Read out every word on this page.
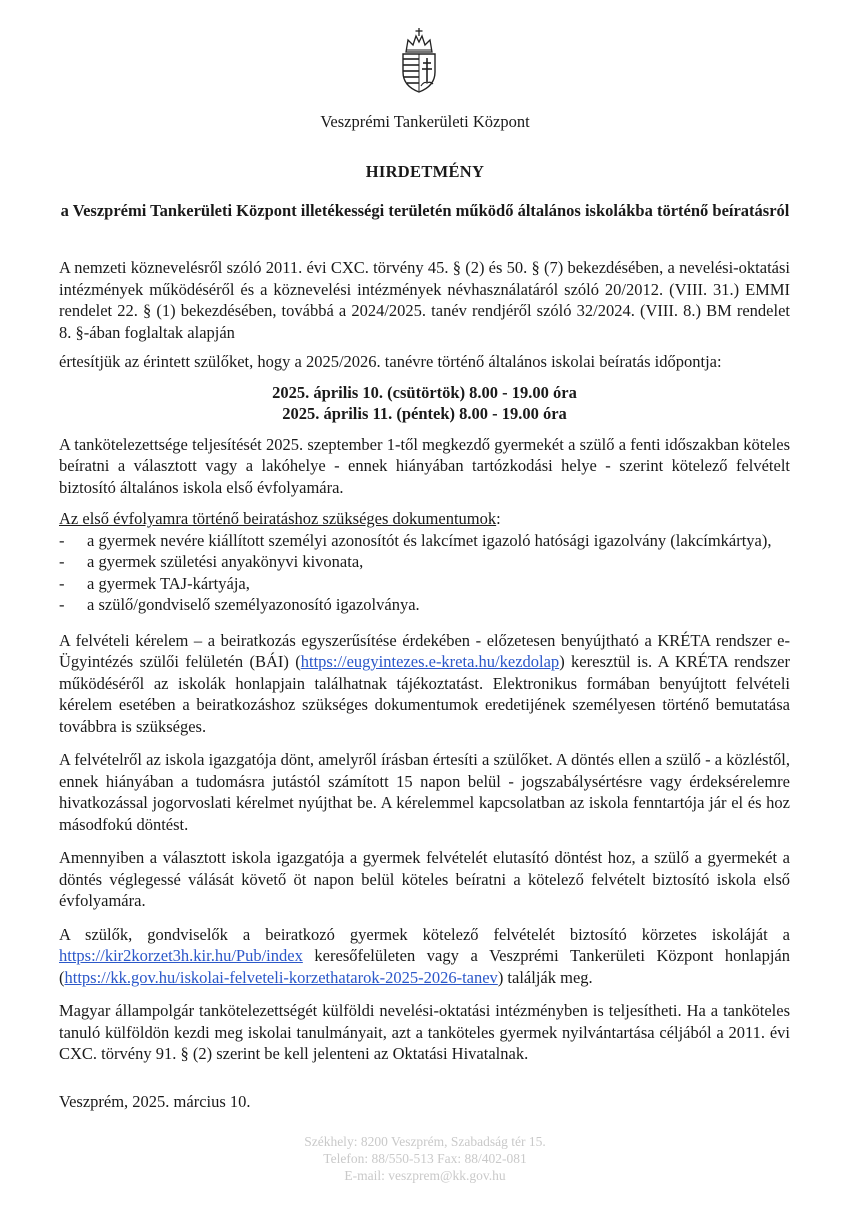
Veszprémi Tankerületi Központ
HIRDETMÉNY
a Veszprémi Tankerületi Központ illetékességi területén működő általános iskolákba történő beíratásról

A nemzeti köznevelésről szóló 2011. évi CXC. törvény 45. § (2) és 50. § (7) bekezdésében, a nevelési-oktatási intézmények működéséről és a köznevelési intézmények névhasználatáról szóló 20/2012. (VIII. 31.) EMMI rendelet 22. § (1) bekezdésében, továbbá a 2024/2025. tanév rendjéről szóló 32/2024. (VIII. 8.) BM rendelet 8. §-ában foglaltak alapján

értesítjük az érintett szülőket, hogy a 2025/2026. tanévre történő általános iskolai beíratás időpontja:

2025. április 10. (csütörtök) 8.00 - 19.00 óra
2025. április 11. (péntek) 8.00 - 19.00 óra

A tankötelezettsége teljesítését 2025. szeptember 1-től megkezdő gyermekét a szülő a fenti időszakban köteles beíratni a választott vagy a lakóhelye - ennek hiányában tartózkodási helye - szerint kötelező felvételt biztosító általános iskola első évfolyamára.

Az első évfolyamra történő beiratáshoz szükséges dokumentumok:

-	a gyermek nevére kiállított személyi azonosítót és lakcímet igazoló hatósági igazolvány (lakcímkártya),
-	a gyermek születési anyakönyvi kivonata,
-	a gyermek TAJ-kártyája,
-	a szülő/gondviselő személyazonosító igazolványa.

A felvételi kérelem – a beiratkozás egyszerűsítése érdekében - előzetesen benyújtható a KRÉTA rendszer e-Ügyintézés szülői felületén (BÁI) (https://eugyintezes.e-kreta.hu/kezdolap) keresztül is. A KRÉTA rendszer működéséről az iskolák honlapjain találhatnak tájékoztatást. Elektronikus formában benyújtott felvételi kérelem esetében a beiratkozáshoz szükséges dokumentumok eredetijének személyesen történő bemutatása továbbra is szükséges.

A felvételről az iskola igazgatója dönt, amelyről írásban értesíti a szülőket. A döntés ellen a szülő - a közléstől, ennek hiányában a tudomásra jutástól számított 15 napon belül - jogszabálysértésre vagy érdeksérelemre hivatkozással jogorvoslati kérelmet nyújthat be. A kérelemmel kapcsolatban az iskola fenntartója jár el és hoz másodfokú döntést.

Amennyiben a választott iskola igazgatója a gyermek felvételét elutasító döntést hoz, a szülő a gyermekét a döntés véglegessé válását követő öt napon belül köteles beíratni a kötelező felvételt biztosító iskola első évfolyamára.

A szülők, gondviselők a beiratkozó gyermek kötelező felvételét biztosító körzetes iskoláját a https://kir2korzet3h.kir.hu/Pub/index keresőfelületen vagy a Veszprémi Tankerületi Központ honlapján (https://kk.gov.hu/iskolai-felveteli-korzethatarok-2025-2026-tanev) találják meg.

Magyar állampolgár tankötelezettségét külföldi nevelési-oktatási intézményben is teljesítheti. Ha a tanköteles tanuló külföldön kezdi meg iskolai tanulmányait, azt a tanköteles gyermek nyilvántartása céljából a 2011. évi CXC. törvény 91. § (2) szerint be kell jelenteni az Oktatási Hivatalnak.

Veszprém, 2025. március 10.

Székhely: 8200 Veszprém, Szabadság tér 15.
Telefon: 88/550-513 Fax: 88/402-081
E-mail: veszprem@kk.gov.hu
